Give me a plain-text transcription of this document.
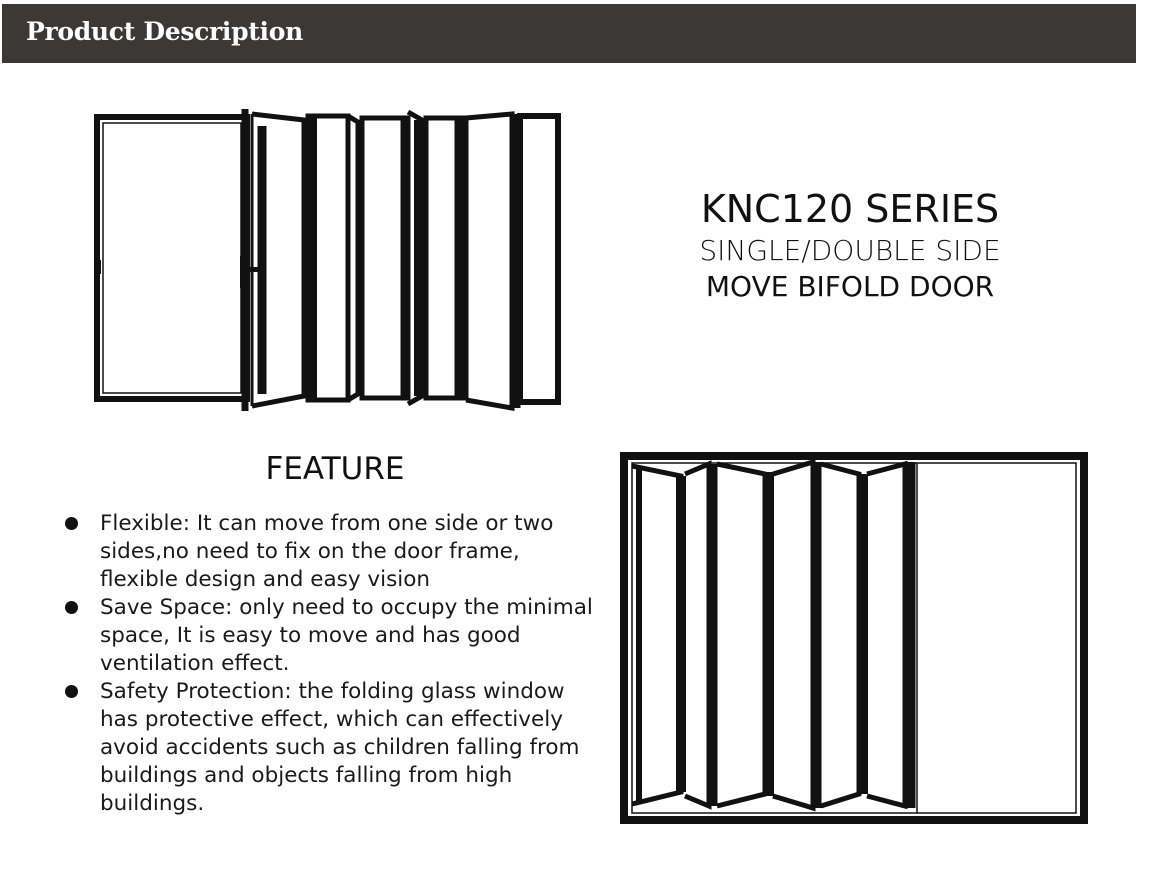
Product Description
KNC120 SERIES
SINGLE/DOUBLE SIDE
MOVE BIFOLD DOOR
FEATURE
Flexible: It can move from one side or two sides,no need to fix on the door frame, flexible design and easy vision
Save Space: only need to occupy the minimal space, It is easy to move and has good ventilation effect.
Safety Protection: the folding glass window has protective effect, which can effectively avoid accidents such as children falling from buildings and objects falling from high buildings.
